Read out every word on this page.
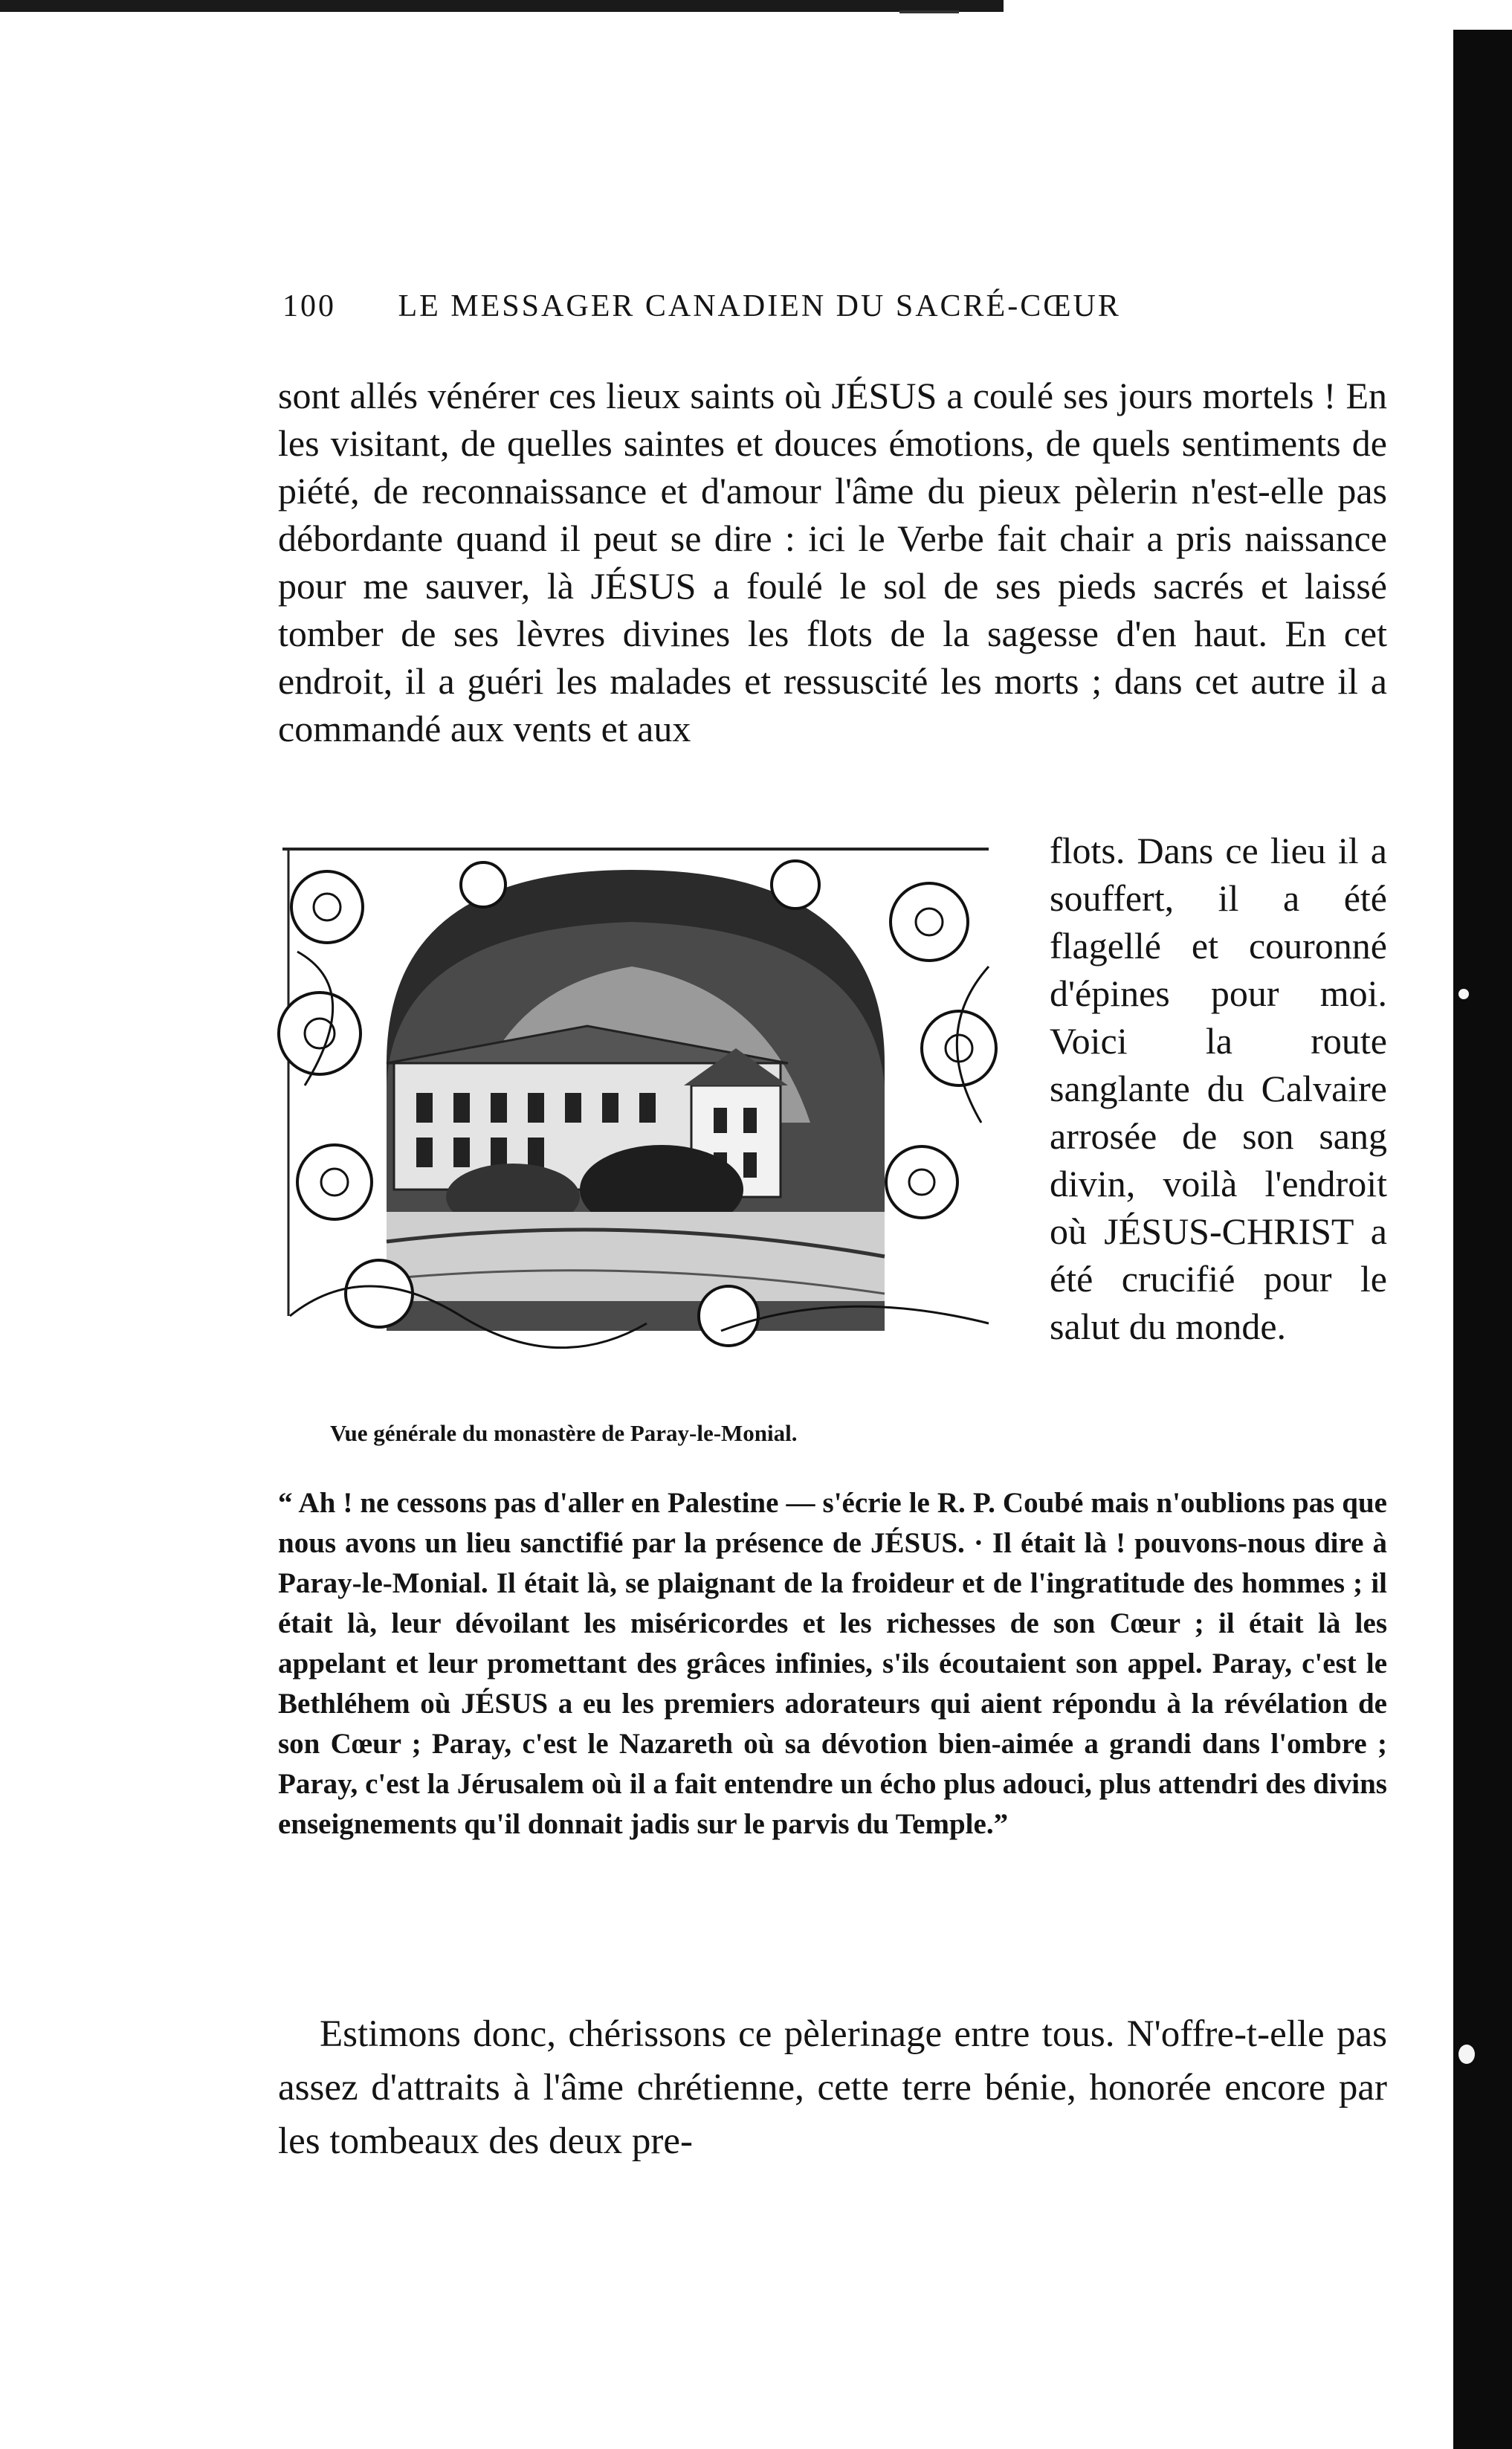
100 LE MESSAGER CANADIEN DU SACRÉ-CŒUR

sont allés vénérer ces lieux saints où JÉSUS a coulé ses jours mortels ! En les visitant, de quelles saintes et douces émotions, de quels sentiments de piété, de reconnaissance et d'amour l'âme du pieux pèlerin n'est-elle pas débordante quand il peut se dire : ici le Verbe fait chair a pris naissance pour me sauver, là JÉSUS a foulé le sol de ses pieds sacrés et laissé tomber de ses lèvres divines les flots de la sagesse d'en haut. En cet endroit, il a guéri les malades et ressuscité les morts ; dans cet autre il a commandé aux vents et aux

flots. Dans ce lieu il a souffert, il a été flagellé et couronné d'épines pour moi. Voici la route sanglante du Calvaire arrosée de son sang divin, voilà l'endroit où JÉSUS-CHRIST a été crucifié pour le salut du monde.

Vue générale du monastère de Paray-le-Monial.

“ Ah ! ne cessons pas d'aller en Palestine — s'écrie le R. P. Coubé mais n'oublions pas que nous avons un lieu sanctifié par la présence de JÉSUS. · Il était là ! pouvons-nous dire à Paray-le-Monial. Il était là, se plaignant de la froideur et de l'ingratitude des hommes ; il était là, leur dévoilant les miséricordes et les richesses de son Cœur ; il était là les appelant et leur promettant des grâces infinies, s'ils écoutaient son appel. Paray, c'est le Bethléhem où JÉSUS a eu les premiers adorateurs qui aient répondu à la révélation de son Cœur ; Paray, c'est le Nazareth où sa dévotion bien-aimée a grandi dans l'ombre ; Paray, c'est la Jérusalem où il a fait entendre un écho plus adouci, plus attendri des divins enseignements qu'il donnait jadis sur le parvis du Temple.”

Estimons donc, chérissons ce pèlerinage entre tous. N'offre-t-elle pas assez d'attraits à l'âme chrétienne, cette terre bénie, honorée encore par les tombeaux des deux pre-
